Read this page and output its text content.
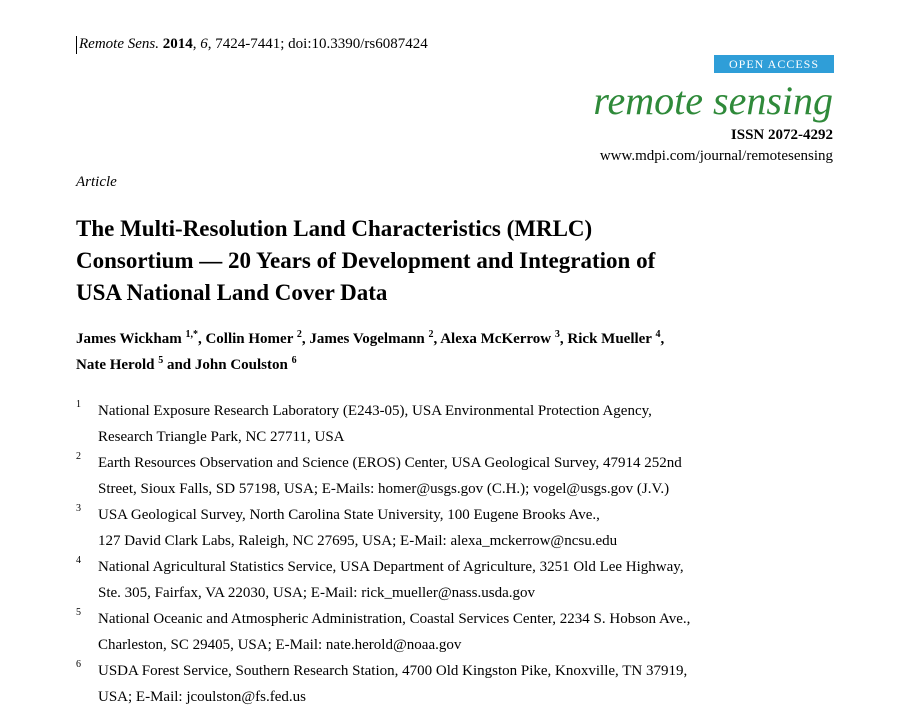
Remote Sens. 2014, 6, 7424-7441; doi:10.3390/rs6087424
OPEN ACCESS
remote sensing
ISSN 2072-4292
www.mdpi.com/journal/remotesensing
Article
The Multi-Resolution Land Characteristics (MRLC)
Consortium — 20 Years of Development and Integration of
USA National Land Cover Data
James Wickham $^{1,*}$, Collin Homer $^2$, James Vogelmann $^2$, Alexa McKerrow $^3$, Rick Mueller $^4$,
Nate Herold $^5$ and John Coulston $^6$
1 National Exposure Research Laboratory (E243-05), USA Environmental Protection Agency,
Research Triangle Park, NC 27711, USA
2 Earth Resources Observation and Science (EROS) Center, USA Geological Survey, 47914 252nd
Street, Sioux Falls, SD 57198, USA; E-Mails: homer@usgs.gov (C.H.); vogel@usgs.gov (J.V.)
3 USA Geological Survey, North Carolina State University, 100 Eugene Brooks Ave.,
127 David Clark Labs, Raleigh, NC 27695, USA; E-Mail: alexa_mckerrow@ncsu.edu
4 National Agricultural Statistics Service, USA Department of Agriculture, 3251 Old Lee Highway,
Ste. 305, Fairfax, VA 22030, USA; E-Mail: rick_mueller@nass.usda.gov
5 National Oceanic and Atmospheric Administration, Coastal Services Center, 2234 S. Hobson Ave.,
Charleston, SC 29405, USA; E-Mail: nate.herold@noaa.gov
6 USDA Forest Service, Southern Research Station, 4700 Old Kingston Pike, Knoxville, TN 37919,
USA; E-Mail: jcoulston@fs.fed.us
